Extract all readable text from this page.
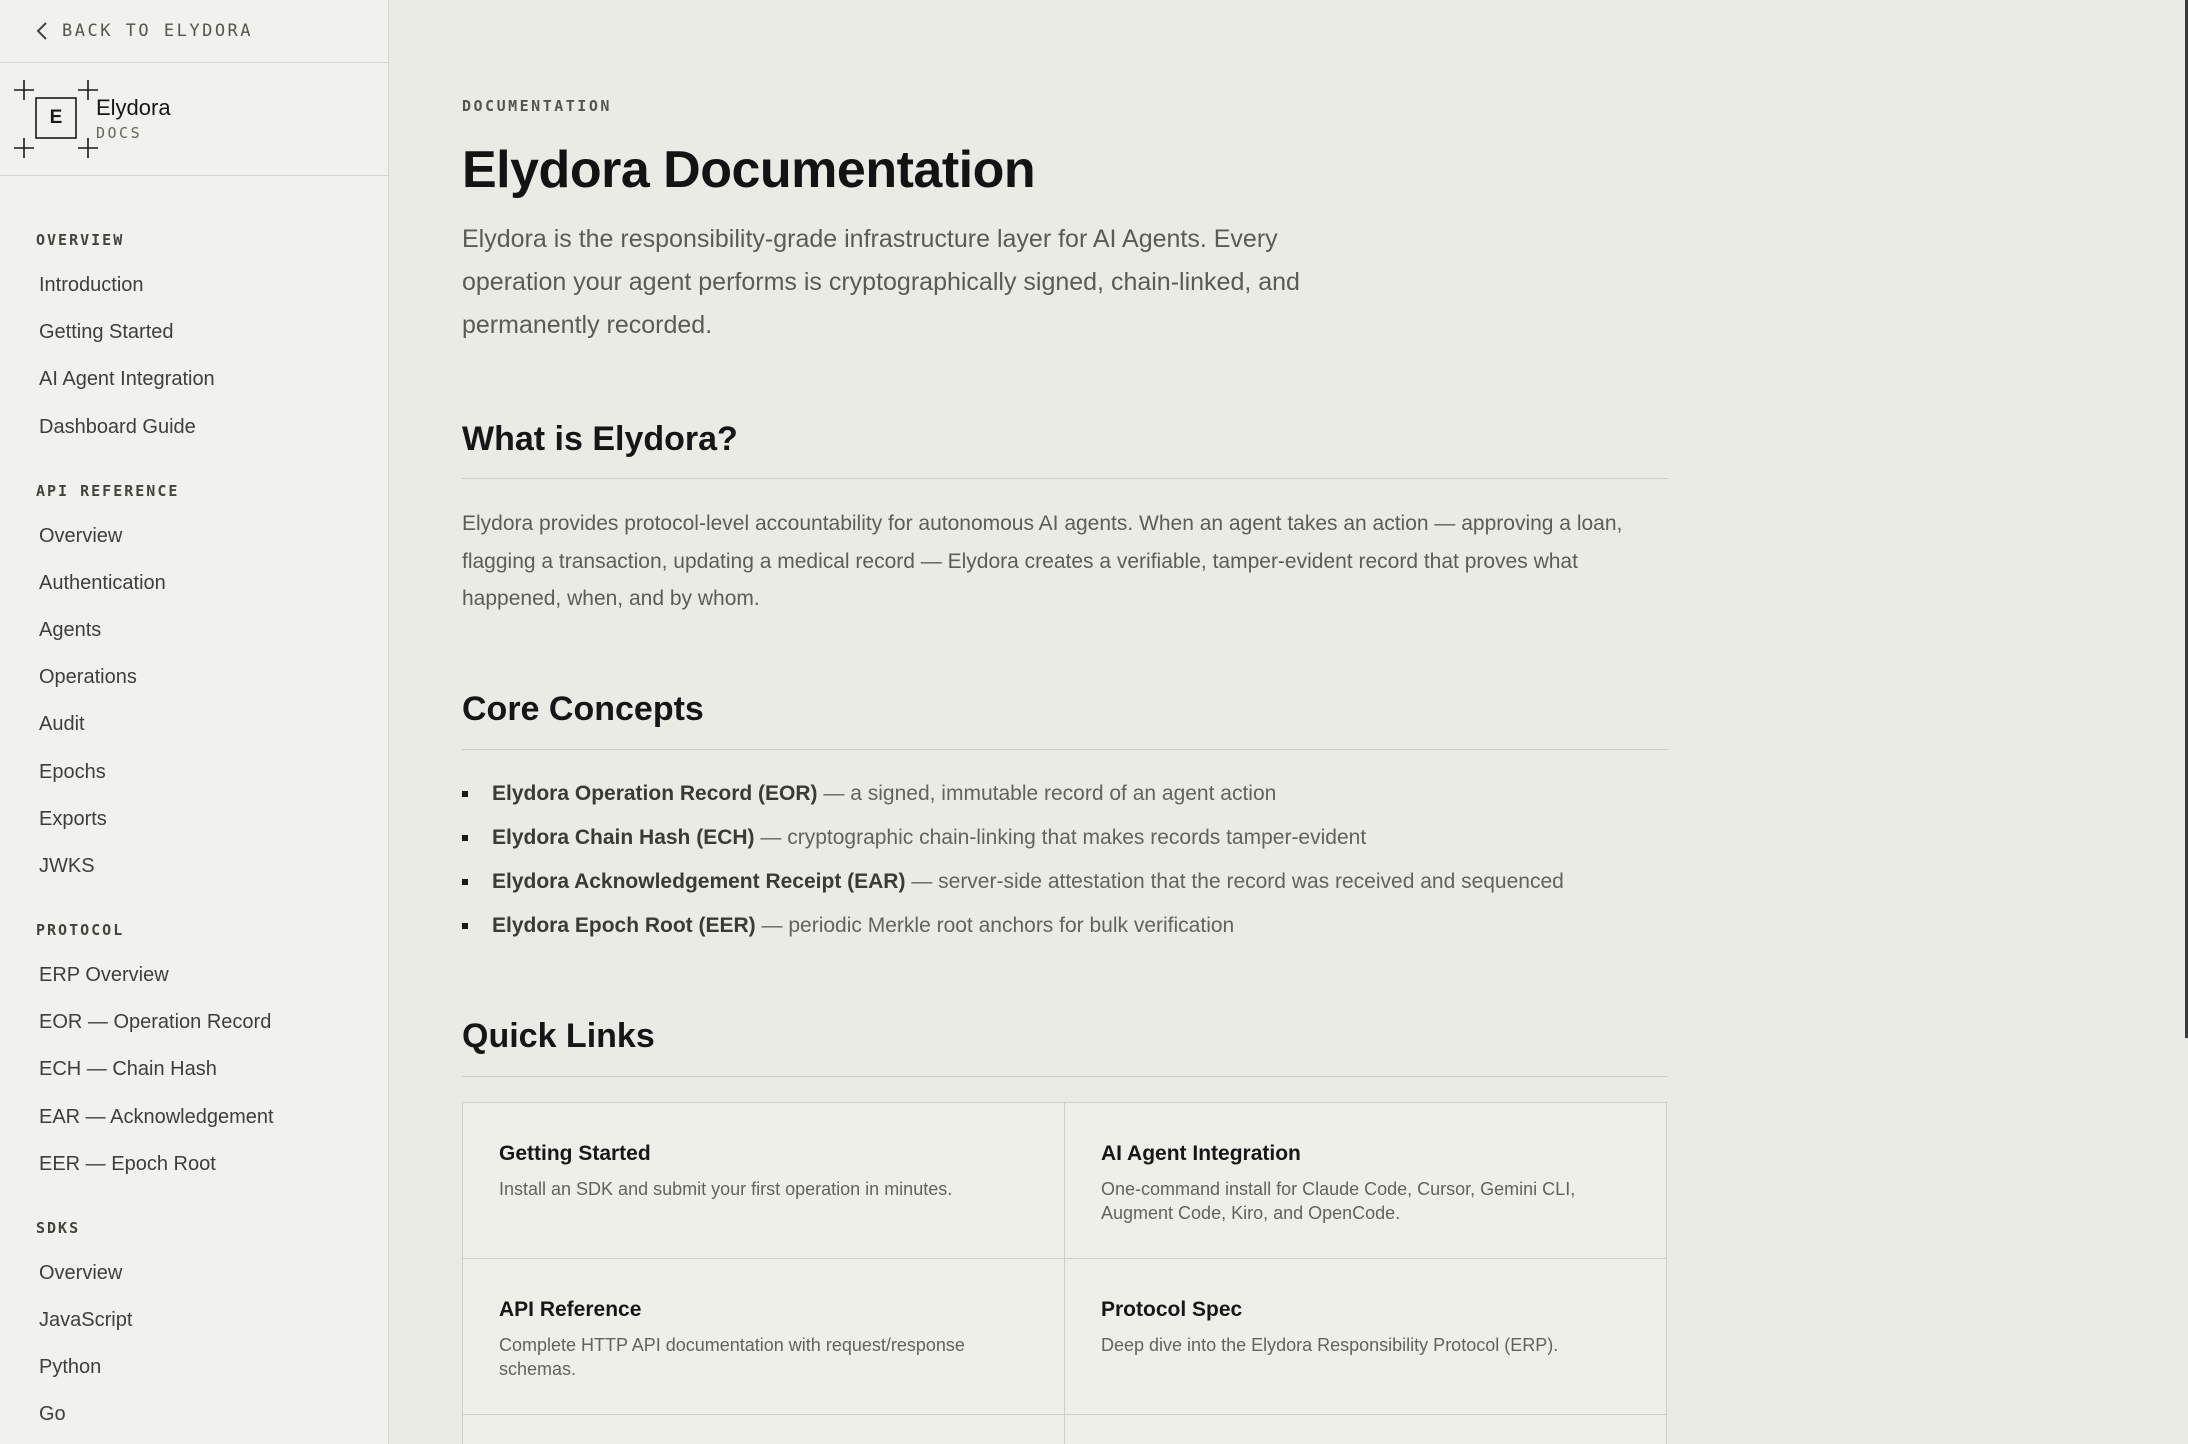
BACK TO ELYDORA
E	Elydora
DOCS
OVERVIEW
Introduction
Getting Started
AI Agent Integration
Dashboard Guide
API REFERENCE
Overview
Authentication
Agents
Operations
Audit
Epochs
Exports
JWKS
PROTOCOL
ERP Overview
EOR — Operation Record
ECH — Chain Hash
EAR — Acknowledgement
EER — Epoch Root
SDKS
Overview
JavaScript
Python
Go
DOCUMENTATION
Elydora Documentation

Elydora is the responsibility-grade infrastructure layer for AI Agents. Every operation your agent performs is cryptographically signed, chain-linked, and permanently recorded.

What is Elydora?

Elydora provides protocol-level accountability for autonomous AI agents. When an agent takes an action — approving a loan, flagging a transaction, updating a medical record — Elydora creates a verifiable, tamper-evident record that proves what happened, when, and by whom.

Core Concepts
Elydora Operation Record (EOR) — a signed, immutable record of an agent action
Elydora Chain Hash (ECH) — cryptographic chain-linking that makes records tamper-evident
Elydora Acknowledgement Receipt (EAR) — server-side attestation that the record was received and sequenced
Elydora Epoch Root (EER) — periodic Merkle root anchors for bulk verification
Quick Links
Getting Started
Install an SDK and submit your first operation in minutes.
AI Agent Integration
One-command install for Claude Code, Cursor, Gemini CLI, Augment Code, Kiro, and OpenCode.
API Reference
Complete HTTP API documentation with request/response schemas.
Protocol Spec
Deep dive into the Elydora Responsibility Protocol (ERP).
